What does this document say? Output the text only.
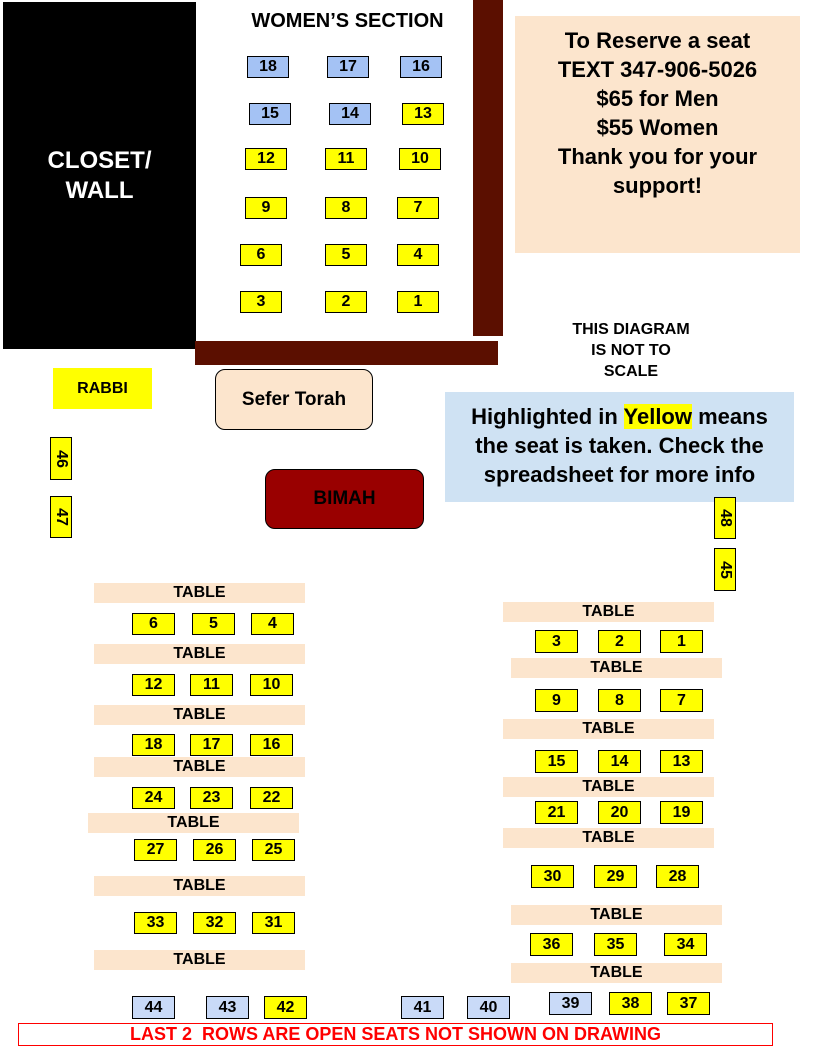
CLOSET/
WALL
WOMEN’S SECTION
18	17	16
15	14	13
12	11	10
9	8	7
6	5	4
3	2	1
To Reserve a seat
TEXT 347-906-5026
$65 for Men
$55 Women
Thank you for your
support!
THIS DIAGRAM
IS NOT TO
SCALE
Highlighted in Yellow means
the seat is taken. Check the
spreadsheet for more info
RABBI
Sefer Torah
BIMAH
46
47	48
45
TABLE
6	5	4
TABLE
12	11	10
TABLE
18	17	16
TABLE
24	23	22
TABLE
27	26	25
TABLE
33	32	31
TABLE
TABLE
3	2	1
TABLE
9	8	7
TABLE
15	14	13
TABLE
21	20	19
TABLE
30	29	28
TABLE
36	35	34
TABLE
39	38	37
44	43	42	41	40
LAST 2  ROWS ARE OPEN SEATS NOT SHOWN ON DRAWING
